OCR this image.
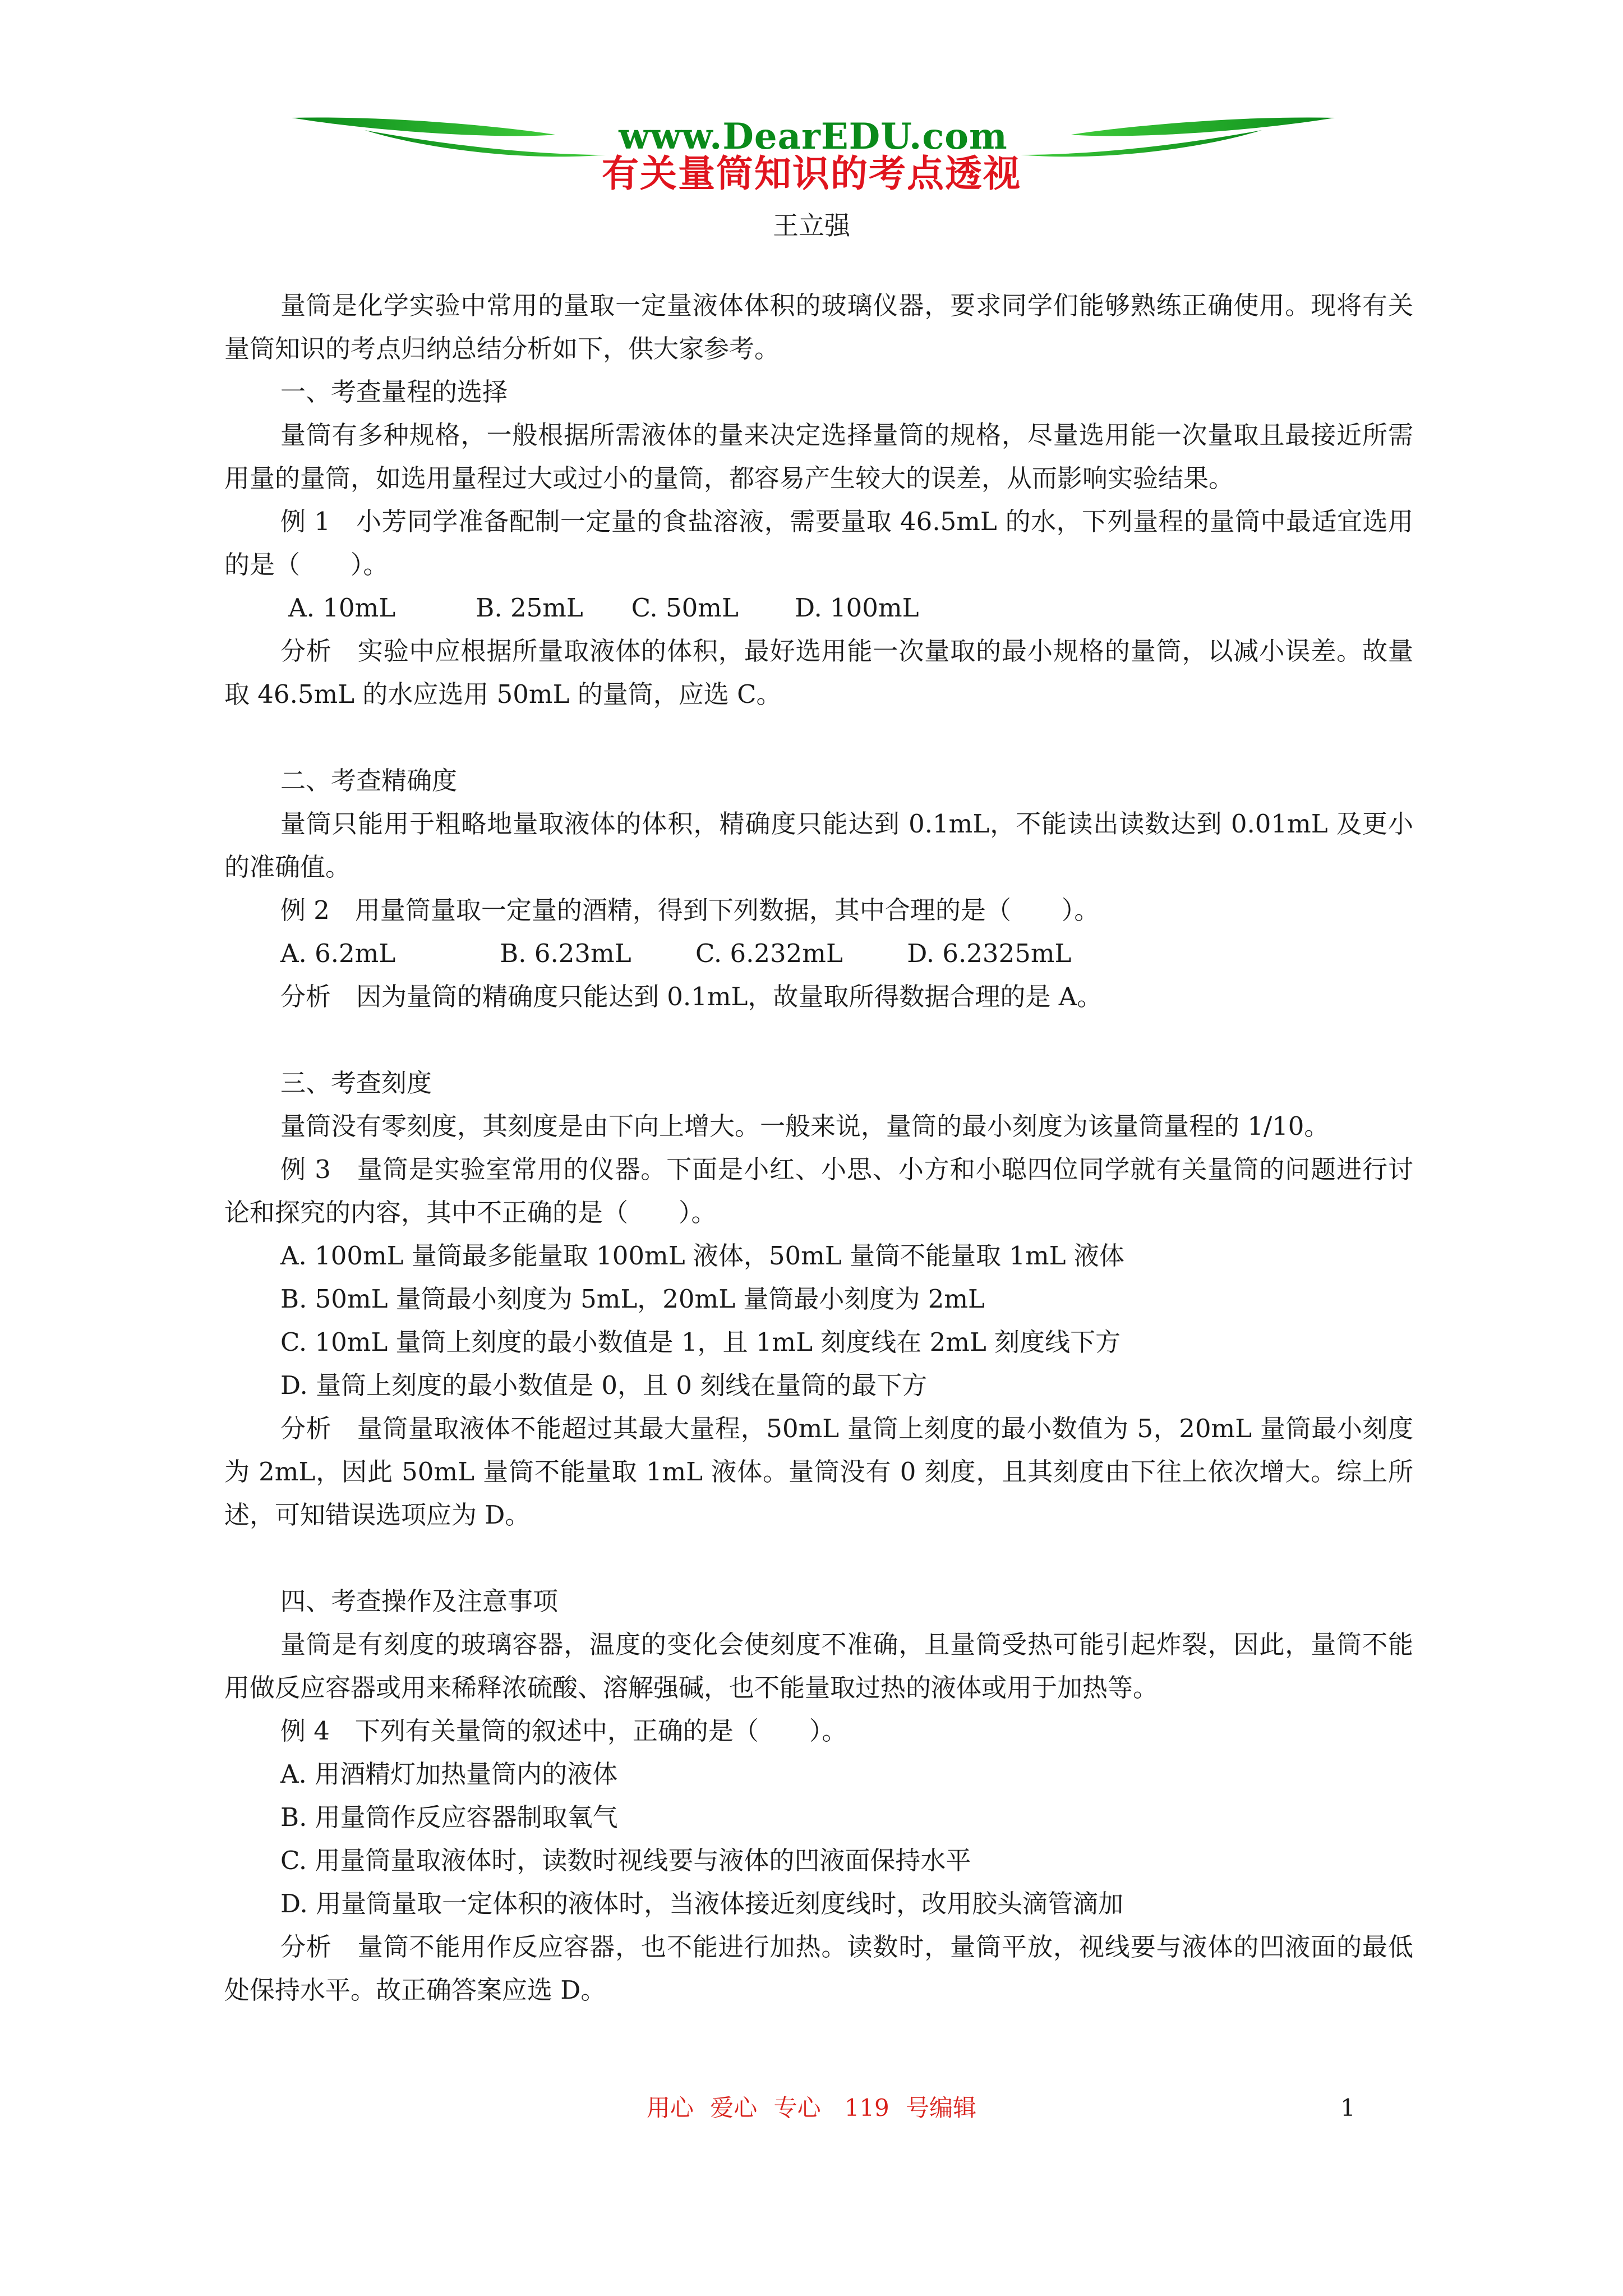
www.DearEDU.com
有关量筒知识的考点透视
王立强

量筒是化学实验中常用的量取一定量液体体积的玻璃仪器，要求同学们能够熟练正确使用。现将有关量筒知识的考点归纳总结分析如下，供大家参考。

一、考查量程的选择

量筒有多种规格，一般根据所需液体的量来决定选择量筒的规格，尽量选用能一次量取且最接近所需用量的量筒，如选用量程过大或过小的量筒，都容易产生较大的误差，从而影响实验结果。

例 1　小芳同学准备配制一定量的食盐溶液，需要量取 46.5mL 的水，下列量程的量筒中最适宜选用的是（　　）。

A. 10mL          B. 25mL      C. 50mL       D. 100mL

分析　实验中应根据所量取液体的体积，最好选用能一次量取的最小规格的量筒，以减小误差。故量取 46.5mL 的水应选用 50mL 的量筒，应选 C。

二、考查精确度

量筒只能用于粗略地量取液体的体积，精确度只能达到 0.1mL，不能读出读数达到 0.01mL 及更小的准确值。

例 2　用量筒量取一定量的酒精，得到下列数据，其中合理的是（　　）。

A. 6.2mL             B. 6.23mL        C. 6.232mL        D. 6.2325mL

分析　因为量筒的精确度只能达到 0.1mL，故量取所得数据合理的是 A。

三、考查刻度

量筒没有零刻度，其刻度是由下向上增大。一般来说，量筒的最小刻度为该量筒量程的 1/10。

例 3　量筒是实验室常用的仪器。下面是小红、小思、小方和小聪四位同学就有关量筒的问题进行讨论和探究的内容，其中不正确的是（　　）。

A. 100mL 量筒最多能量取 100mL 液体，50mL 量筒不能量取 1mL 液体

B. 50mL 量筒最小刻度为 5mL，20mL 量筒最小刻度为 2mL

C. 10mL 量筒上刻度的最小数值是 1，且 1mL 刻度线在 2mL 刻度线下方

D. 量筒上刻度的最小数值是 0，且 0 刻线在量筒的最下方

分析　量筒量取液体不能超过其最大量程，50mL 量筒上刻度的最小数值为 5，20mL 量筒最小刻度为 2mL，因此 50mL 量筒不能量取 1mL 液体。量筒没有 0 刻度，且其刻度由下往上依次增大。综上所述，可知错误选项应为 D。

四、考查操作及注意事项

量筒是有刻度的玻璃容器，温度的变化会使刻度不准确，且量筒受热可能引起炸裂，因此，量筒不能用做反应容器或用来稀释浓硫酸、溶解强碱，也不能量取过热的液体或用于加热等。

例 4　下列有关量筒的叙述中，正确的是（　　）。

A. 用酒精灯加热量筒内的液体

B. 用量筒作反应容器制取氧气

C. 用量筒量取液体时，读数时视线要与液体的凹液面保持水平

D. 用量筒量取一定体积的液体时，当液体接近刻度线时，改用胶头滴管滴加

分析　量筒不能用作反应容器，也不能进行加热。读数时，量筒平放，视线要与液体的凹液面的最低处保持水平。故正确答案应选 D。

用心 爱心 专心　119 号编辑	1
